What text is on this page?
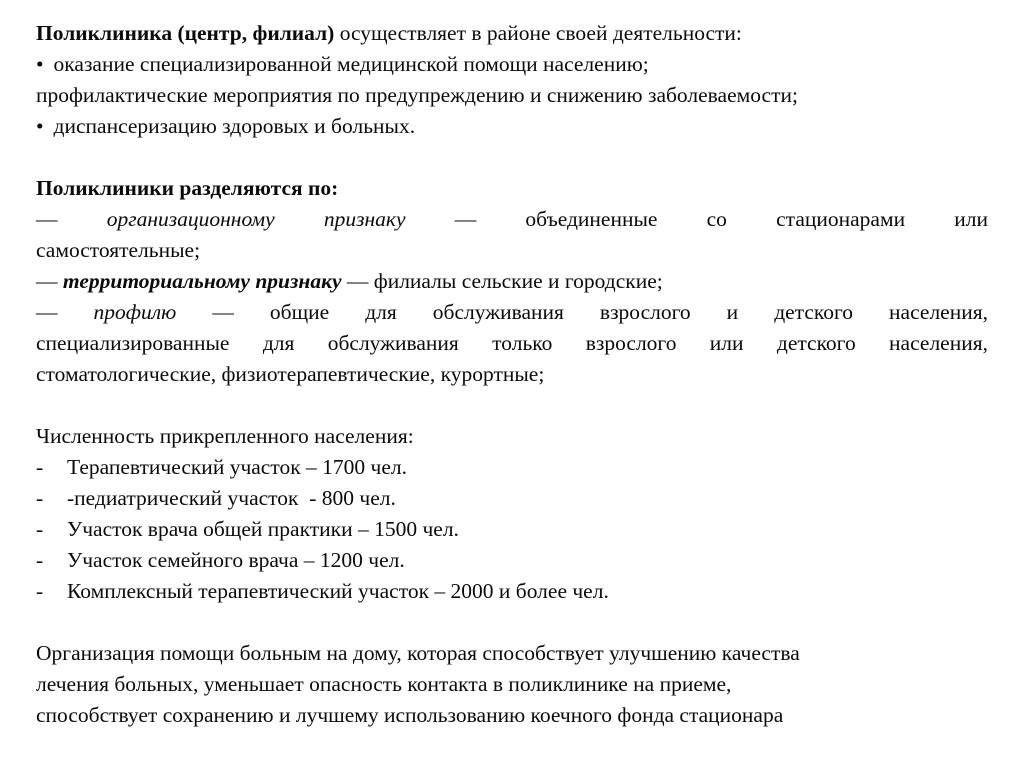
Поликлиника (центр, филиал) осуществляет в районе своей деятельности:
• оказание специализированной медицинской помощи населению;
профилактические мероприятия по предупреждению и снижению заболеваемости;
• диспансеризацию здоровых и больных.
Поликлиники разделяются по:
— организационному признаку — объединенные со стационарами или
самостоятельные;
— территориальному признаку — филиалы сельские и городские;
— профилю — общие для обслуживания взрослого и детского населения,
специализированные для обслуживания только взрослого или детского населения,
стоматологические, физиотерапевтические, курортные;
Численность прикрепленного населения:
-	Терапевтический участок – 1700 чел.
-	-педиатрический участок  - 800 чел.
-	Участок врача общей практики – 1500 чел.
-	Участок семейного врача – 1200 чел.
-	Комплексный терапевтический участок – 2000 и более чел.
Организация помощи больным на дому, которая способствует улучшению качества
лечения больных, уменьшает опасность контакта в поликлинике на приеме,
способствует сохранению и лучшему использованию коечного фонда стационара
